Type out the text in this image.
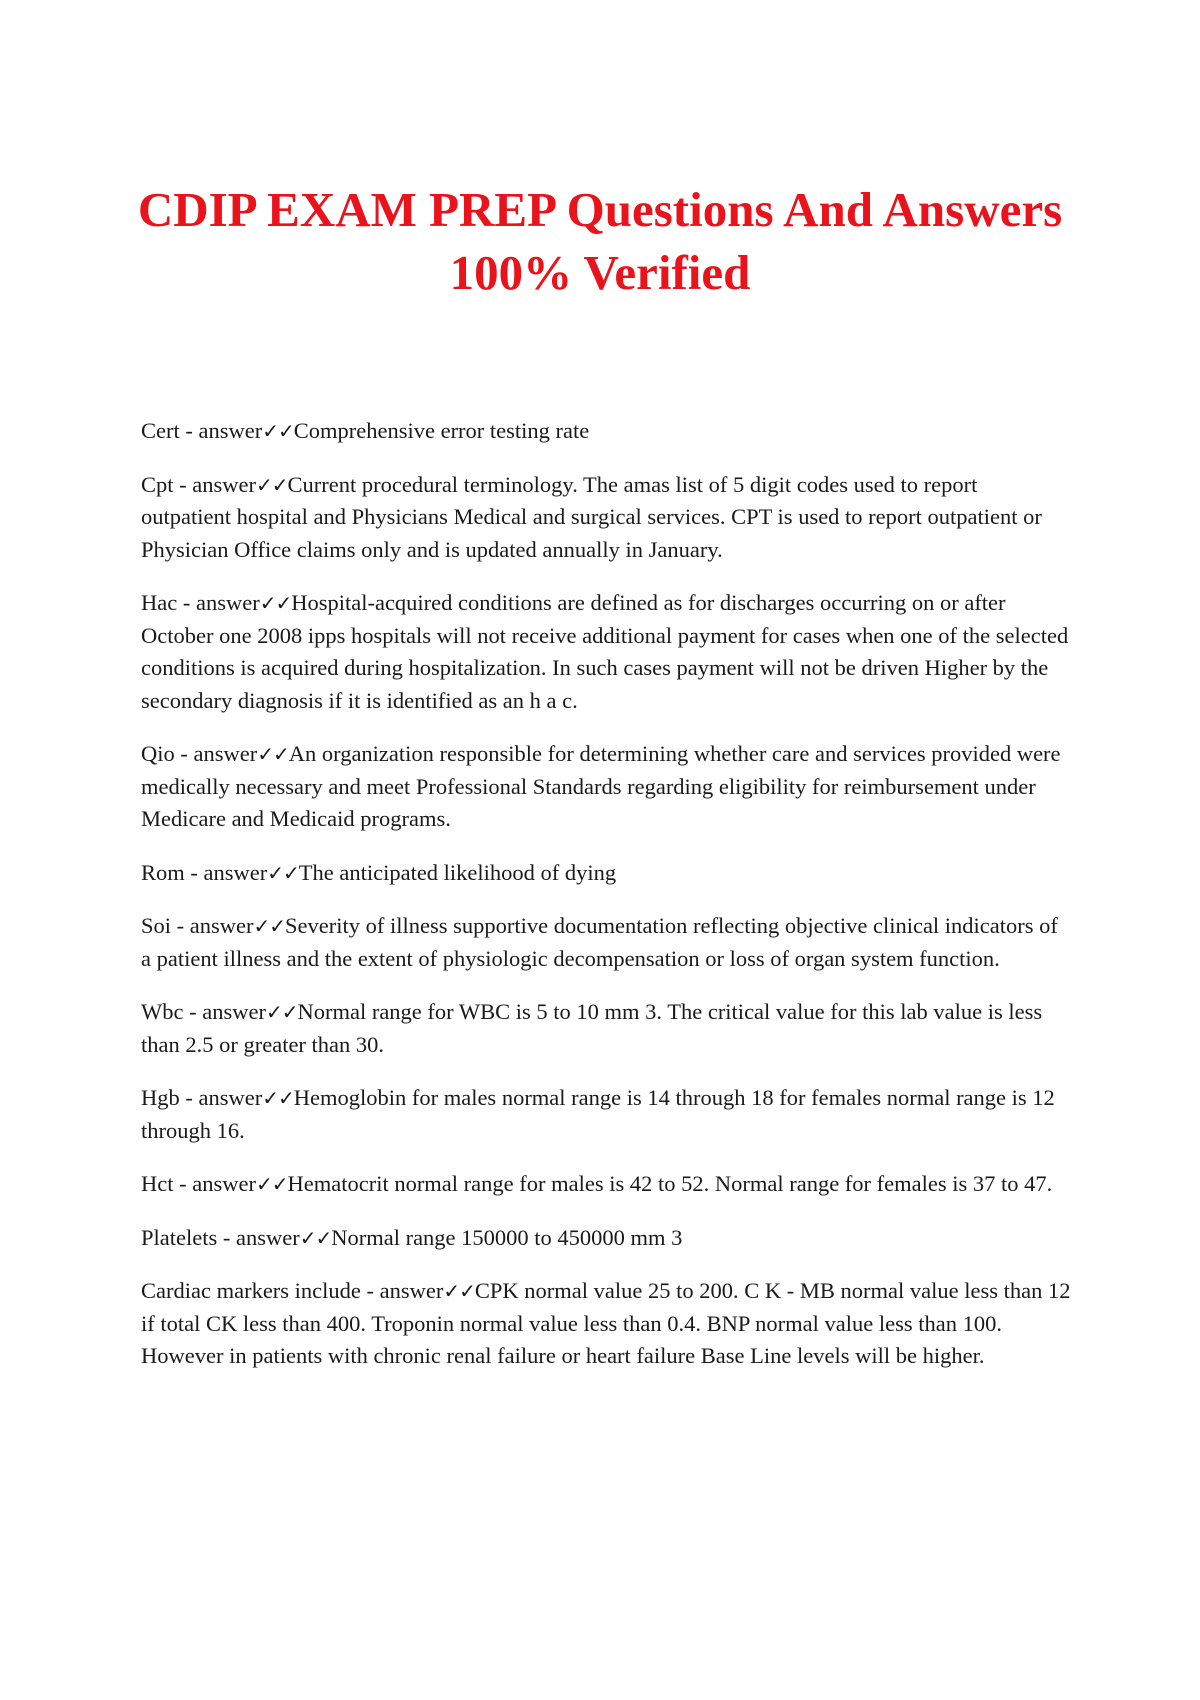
CDIP EXAM PREP Questions And Answers
100% Verified
Cert - answer✓✓Comprehensive error testing rate
Cpt - answer✓✓Current procedural terminology. The amas list of 5 digit codes used to report outpatient hospital and Physicians Medical and surgical services. CPT is used to report outpatient or Physician Office claims only and is updated annually in January.
Hac - answer✓✓Hospital-acquired conditions are defined as for discharges occurring on or after October one 2008 ipps hospitals will not receive additional payment for cases when one of the selected conditions is acquired during hospitalization. In such cases payment will not be driven Higher by the secondary diagnosis if it is identified as an h a c.
Qio - answer✓✓An organization responsible for determining whether care and services provided were medically necessary and meet Professional Standards regarding eligibility for reimbursement under Medicare and Medicaid programs.
Rom - answer✓✓The anticipated likelihood of dying
Soi - answer✓✓Severity of illness supportive documentation reflecting objective clinical indicators of a patient illness and the extent of physiologic decompensation or loss of organ system function.
Wbc - answer✓✓Normal range for WBC is 5 to 10 mm 3. The critical value for this lab value is less than 2.5 or greater than 30.
Hgb - answer✓✓Hemoglobin for males normal range is 14 through 18 for females normal range is 12 through 16.
Hct - answer✓✓Hematocrit normal range for males is 42 to 52. Normal range for females is 37 to 47.
Platelets - answer✓✓Normal range 150000 to 450000 mm 3
Cardiac markers include - answer✓✓CPK normal value 25 to 200. C K - MB normal value less than 12 if total CK less than 400. Troponin normal value less than 0.4. BNP normal value less than 100. However in patients with chronic renal failure or heart failure Base Line levels will be higher.
